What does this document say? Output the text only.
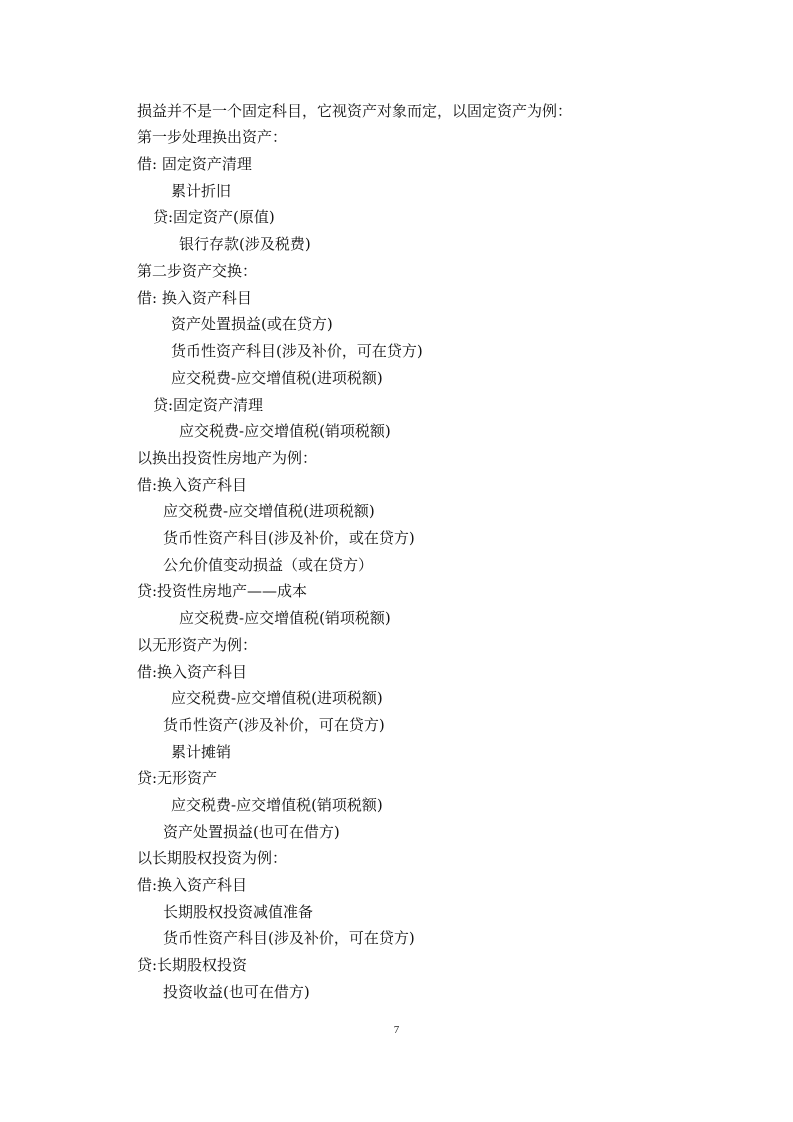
损益并不是一个固定科目，它视资产对象而定，以固定资产为例：
第一步处理换出资产：
借: 固定资产清理
累计折旧
贷:固定资产(原值)
银行存款(涉及税费)
第二步资产交换：
借: 换入资产科目
资产处置损益(或在贷方)
货币性资产科目(涉及补价，可在贷方)
应交税费-应交增值税(进项税额)
贷:固定资产清理
应交税费-应交增值税(销项税额)
以换出投资性房地产为例：
借:换入资产科目
应交税费-应交增值税(进项税额)
货币性资产科目(涉及补价，或在贷方)
公允价值变动损益（或在贷方）
贷:投资性房地产——成本
应交税费-应交增值税(销项税额)
以无形资产为例：
借:换入资产科目
应交税费-应交增值税(进项税额)
货币性资产(涉及补价，可在贷方)
累计摊销
贷:无形资产
应交税费-应交增值税(销项税额)
资产处置损益(也可在借方)
以长期股权投资为例：
借:换入资产科目
长期股权投资减值准备
货币性资产科目(涉及补价，可在贷方)
贷:长期股权投资
投资收益(也可在借方)
7
